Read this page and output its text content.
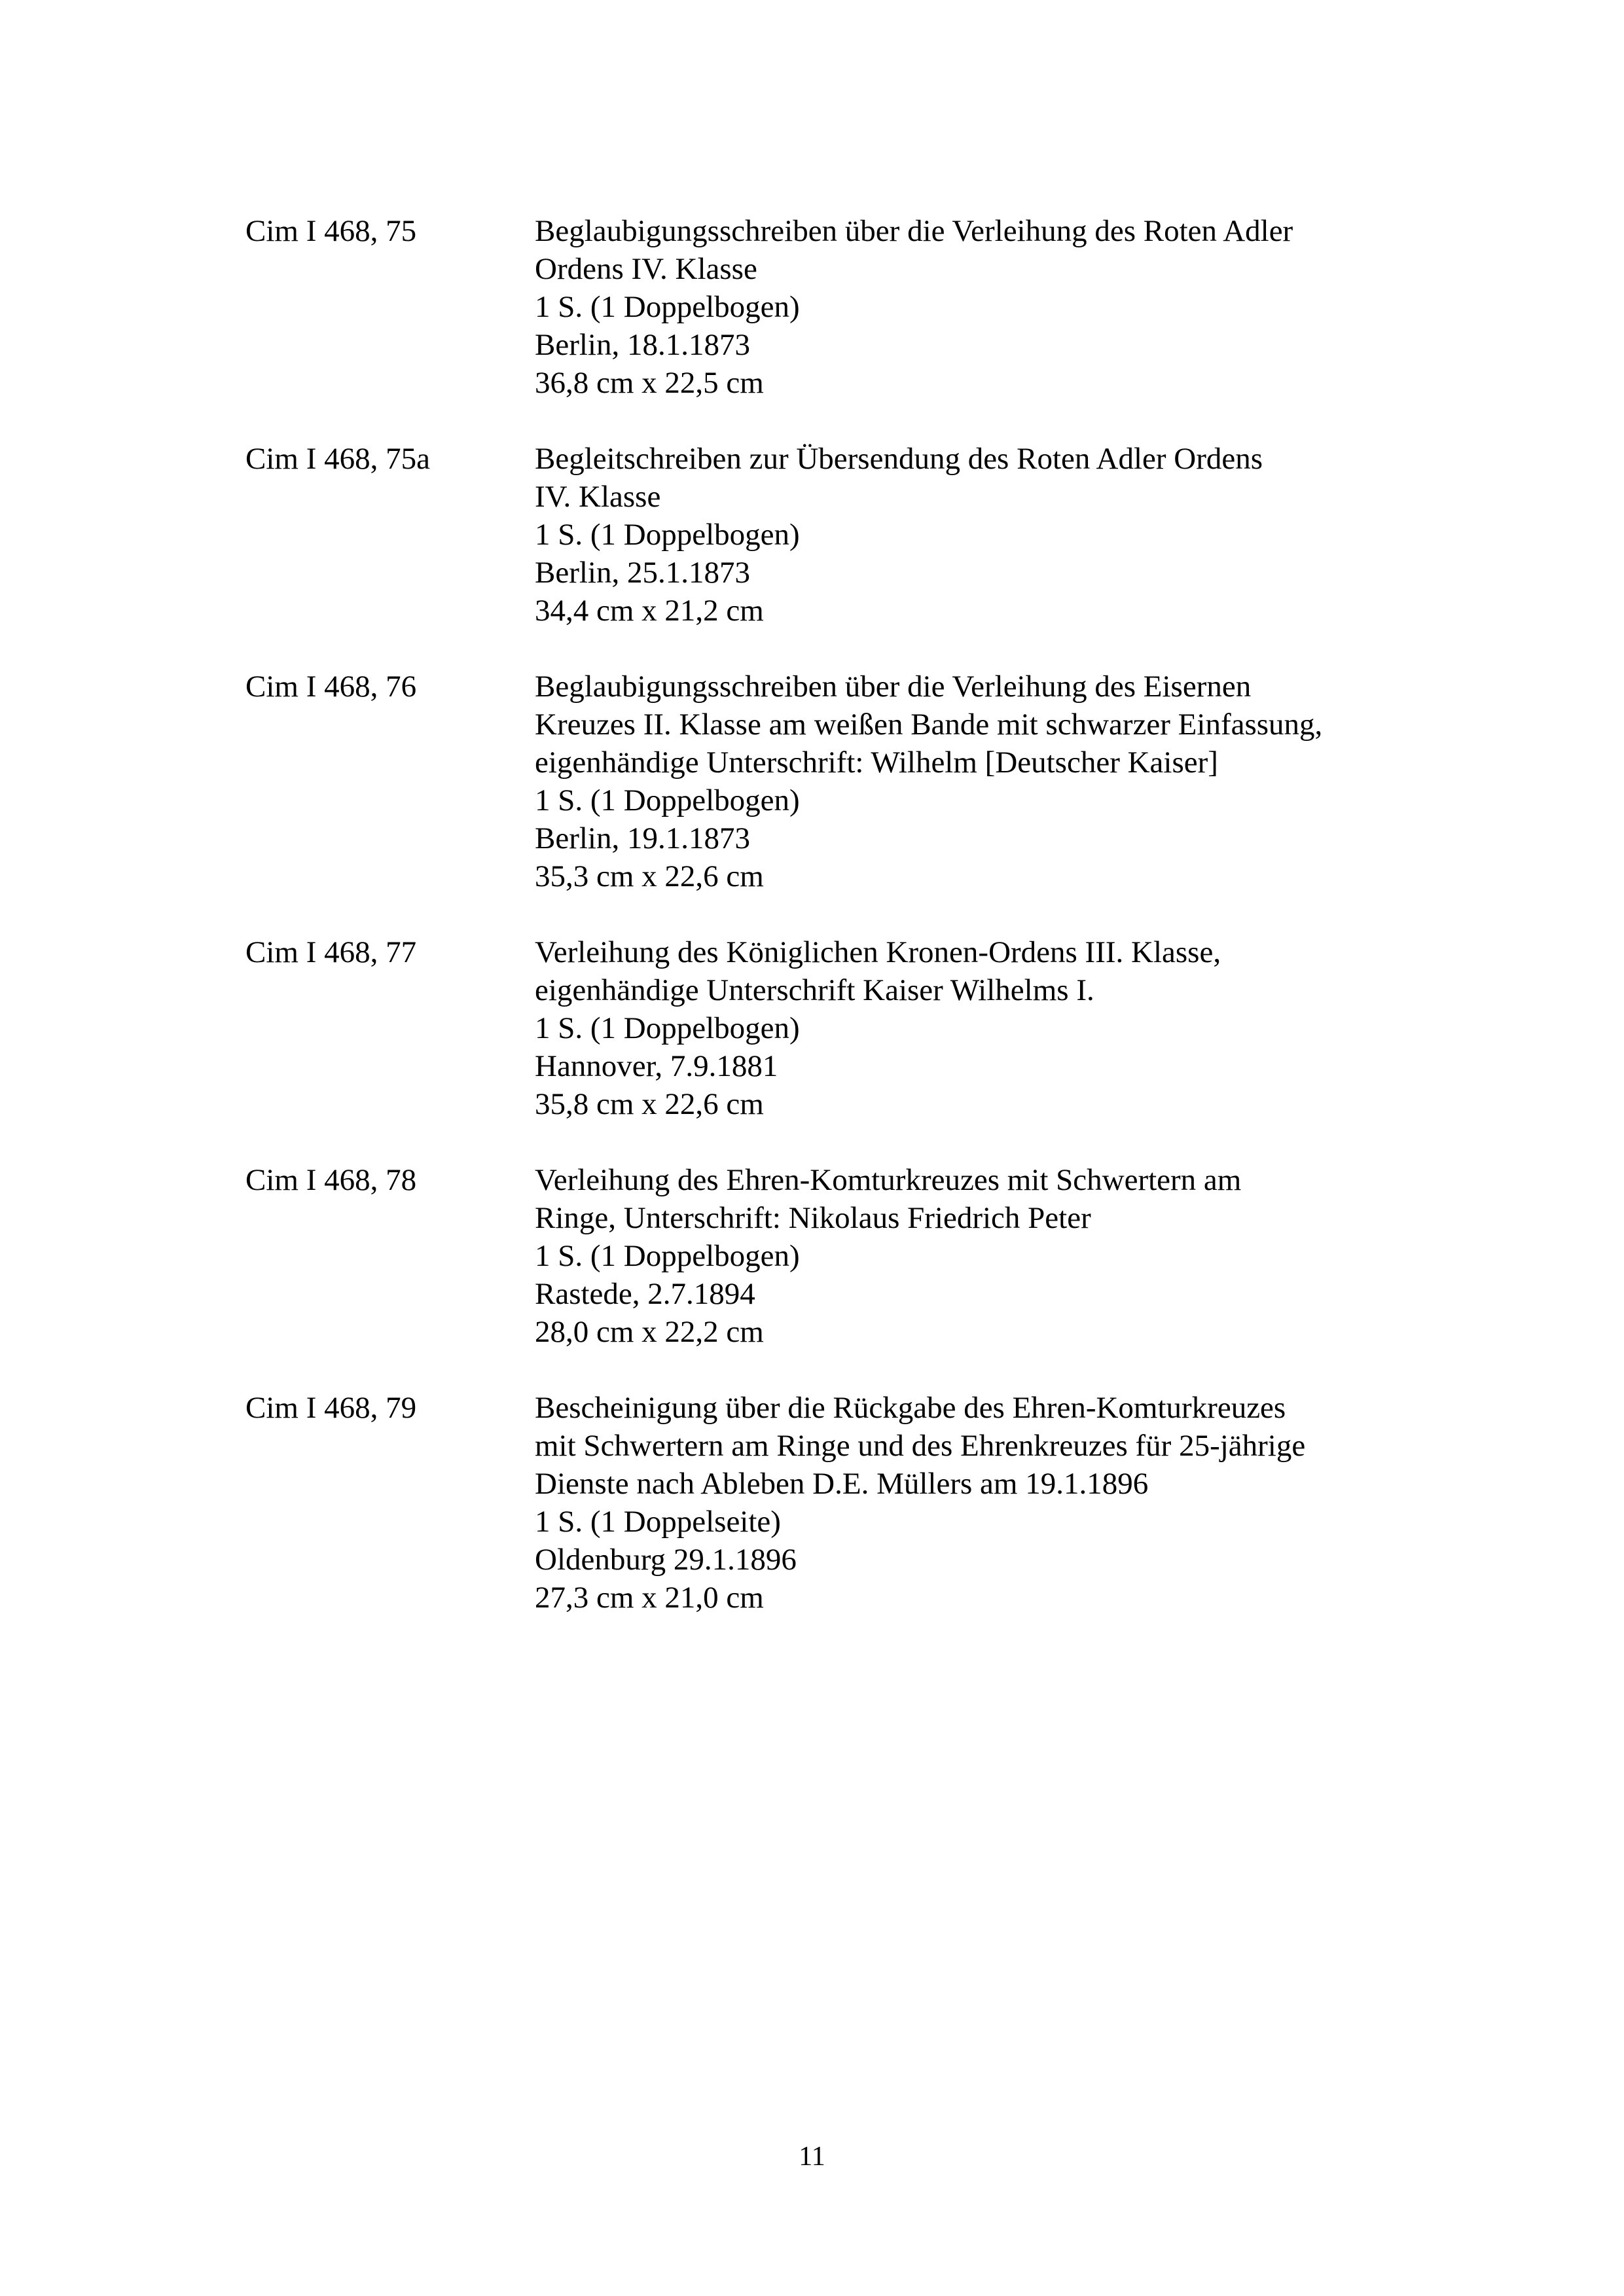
Cim I 468, 75	Beglaubigungsschreiben über die Verleihung des Roten Adler
Ordens IV. Klasse
1 S. (1 Doppelbogen)
Berlin, 18.1.1873
36,8 cm x 22,5 cm
Cim I 468, 75a	Begleitschreiben zur Übersendung des Roten Adler Ordens
IV. Klasse
1 S. (1 Doppelbogen)
Berlin, 25.1.1873
34,4 cm x 21,2 cm
Cim I 468, 76	Beglaubigungsschreiben über die Verleihung des Eisernen
Kreuzes II. Klasse am weißen Bande mit schwarzer Einfassung,
eigenhändige Unterschrift: Wilhelm [Deutscher Kaiser]
1 S. (1 Doppelbogen)
Berlin, 19.1.1873
35,3 cm x 22,6 cm
Cim I 468, 77	Verleihung des Königlichen Kronen-Ordens III. Klasse,
eigenhändige Unterschrift Kaiser Wilhelms I.
1 S. (1 Doppelbogen)
Hannover, 7.9.1881
35,8 cm x 22,6 cm
Cim I 468, 78	Verleihung des Ehren-Komturkreuzes mit Schwertern am
Ringe, Unterschrift: Nikolaus Friedrich Peter
1 S. (1 Doppelbogen)
Rastede, 2.7.1894
28,0 cm x 22,2 cm
Cim I 468, 79	Bescheinigung über die Rückgabe des Ehren-Komturkreuzes
mit Schwertern am Ringe und des Ehrenkreuzes für 25-jährige
Dienste nach Ableben D.E. Müllers am 19.1.1896
1 S. (1 Doppelseite)
Oldenburg 29.1.1896
27,3 cm x 21,0 cm
11
